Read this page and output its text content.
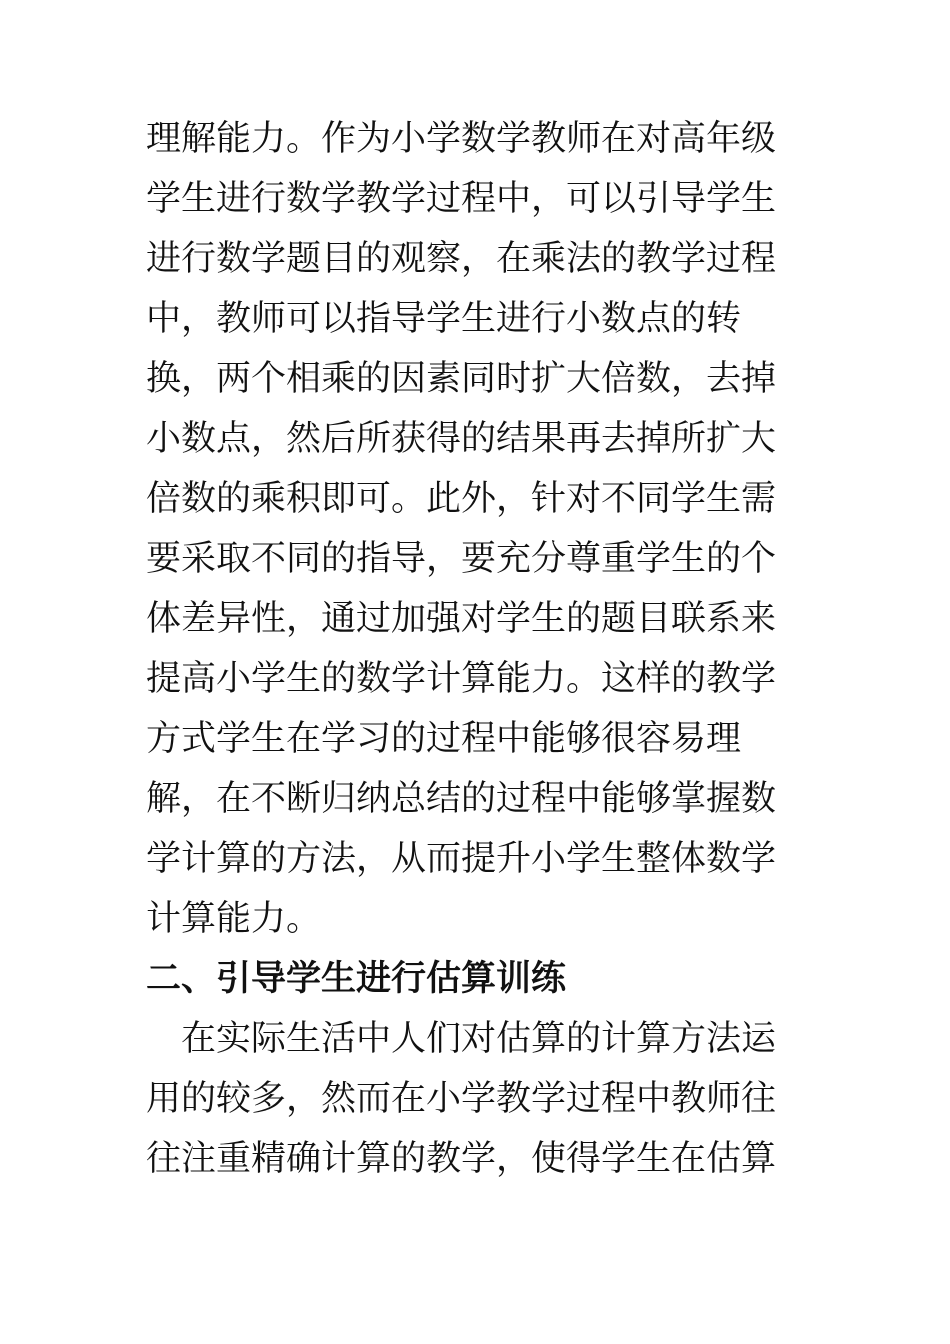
理解能力。作为小学数学教师在对高年级

学生进行数学教学过程中，可以引导学生

进行数学题目的观察，在乘法的教学过程

中，教师可以指导学生进行小数点的转

换，两个相乘的因素同时扩大倍数，去掉

小数点，然后所获得的结果再去掉所扩大

倍数的乘积即可。此外，针对不同学生需

要采取不同的指导，要充分尊重学生的个

体差异性，通过加强对学生的题目联系来

提高小学生的数学计算能力。这样的教学

方式学生在学习的过程中能够很容易理

解，在不断归纳总结的过程中能够掌握数

学计算的方法，从而提升小学生整体数学

计算能力。

二、引导学生进行估算训练

在实际生活中人们对估算的计算方法运

用的较多，然而在小学教学过程中教师往

往注重精确计算的教学，使得学生在估算
